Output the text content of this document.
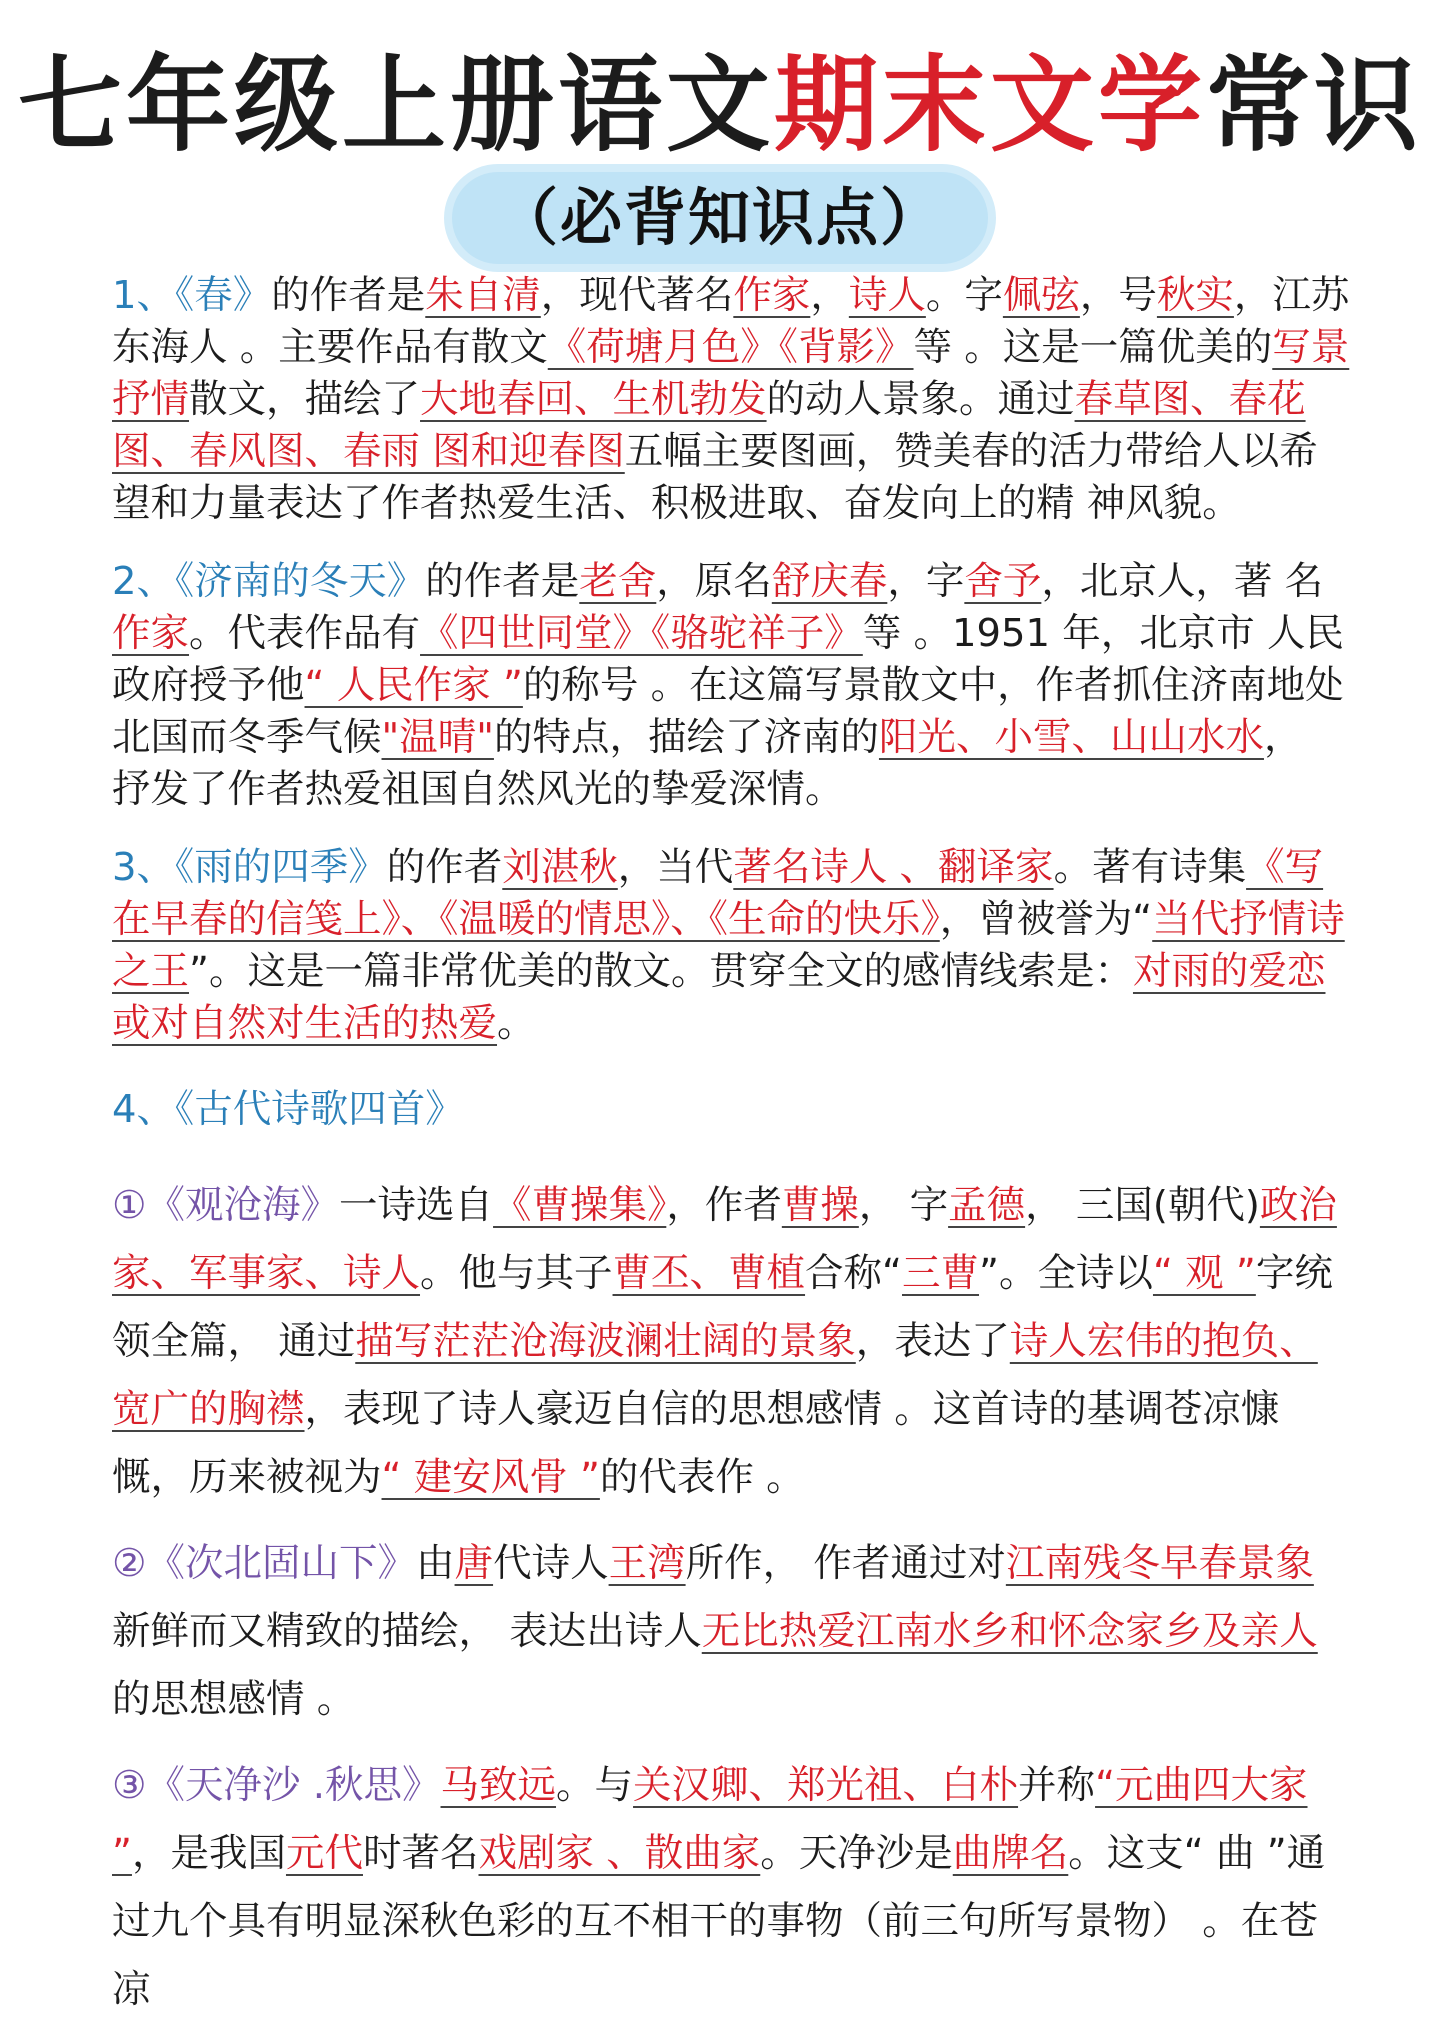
七年级上册语文期末文学常识
（必背知识点）

1、《春》的作者是朱自清，现代著名作家，诗人。字佩弦，号秋实，江苏东海人 。主要作品有散文《荷塘月色》《背影》等 。这是一篇优美的写景抒情散文，描绘了大地春回、生机勃发的动人景象。通过春草图、春花图、春风图、春雨 图和迎春图五幅主要图画，赞美春的活力带给人以希望和力量表达了作者热爱生活、积极进取、奋发向上的精 神风貌。

2、《济南的冬天》的作者是老舍，原名舒庆春，字舍予，北京人，著 名作家。代表作品有《四世同堂》《骆驼祥子》等 。1951 年，北京市 人民政府授予他“ 人民作家 ”的称号 。在这篇写景散文中，作者抓住济南地处北国而冬季气候"温晴"的特点，描绘了济南的阳光、小雪、山山水水， 抒发了作者热爱祖国自然风光的挚爱深情。

3、《雨的四季》的作者刘湛秋，当代著名诗人 、翻译家。著有诗集《写在早春的信笺上》、《温暖的情思》、《生命的快乐》，曾被誉为“当代抒情诗之王”。这是一篇非常优美的散文。贯穿全文的感情线索是：对雨的爱恋或对自然对生活的热爱。

4、《古代诗歌四首》

①《观沧海》一诗选自《曹操集》，作者曹操， 字孟德， 三国(朝代)政治家、军事家、诗人。他与其子曹丕、曹植合称“三曹”。全诗以“ 观 ”字统领全篇， 通过描写茫茫沧海波澜壮阔的景象，表达了诗人宏伟的抱负、宽广的胸襟，表现了诗人豪迈自信的思想感情 。这首诗的基调苍凉慷慨，历来被视为“ 建安风骨 ”的代表作 。

②《次北固山下》由唐代诗人王湾所作， 作者通过对江南残冬早春景象新鲜而又精致的描绘， 表达出诗人无比热爱江南水乡和怀念家乡及亲人的思想感情 。

③《天净沙 .秋思》马致远。与关汉卿、郑光祖、白朴并称“元曲四大家 ”，是我国元代时著名戏剧家 、散曲家。天净沙是曲牌名。这支“ 曲 ”通过九个具有明显深秋色彩的互不相干的事物（前三句所写景物） 。在苍凉
